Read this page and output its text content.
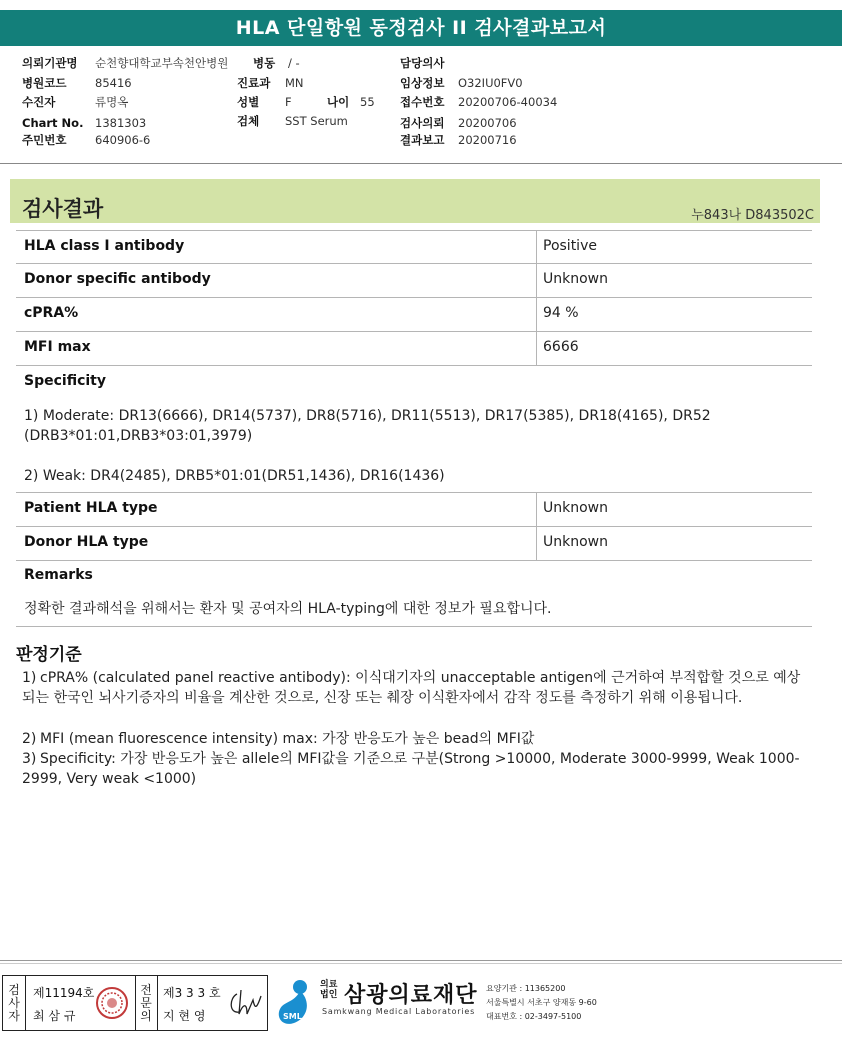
HLA 단일항원 동정검사 II 검사결과보고서
의뢰기관명 순천향대학교부속천안병원
병원코드 85416
수진자	류명옥
Chart No. 1381303
주민번호 640906-6
병동 / -
진료과 MN
성별 F
검체 SST Serum
나이 55
담당의사
임상정보 O32IU0FV0
접수번호 20200706-40034
검사의뢰 20200706
결과보고 20200716
검사결과	누843나 D843502C
HLA class I antibody	Positive
Donor specific antibody	Unknown
cPRA%	94 %
MFI max	6666
Specificity
1) Moderate: DR13(6666), DR14(5737), DR8(5716), DR11(5513), DR17(5385), DR18(4165), DR52 (DRB3*01:01,DRB3*03:01,3979)
2) Weak: DR4(2485), DRB5*01:01(DR51,1436), DR16(1436)
Patient HLA type	Unknown
Donor HLA type	Unknown
Remarks
정확한 결과해석을 위해서는 환자 및 공여자의 HLA-typing에 대한 정보가 필요합니다.
판정기준
1) cPRA% (calculated panel reactive antibody): 이식대기자의 unacceptable antigen에 근거하여 부적합할 것으로 예상되는 한국인 뇌사기증자의 비율을 계산한 것으로, 신장 또는 췌장 이식환자에서 감작 정도를 측정하기 위해 이용됩니다.
2) MFI (mean fluorescence intensity) max: 가장 반응도가 높은 bead의 MFI값
3) Specificity: 가장 반응도가 높은 allele의 MFI값을 기준으로 구분(Strong >10000, Moderate 3000-9999, Weak 1000-2999, Very weak <1000)
검
사
자
제11194호
최 삼 규
전
문
의
제3 3 3 호
지 현 영	SML
의료
법인 삼광의료재단
Samkwang Medical Laboratories
요양기관 : 11365200
서울특별시 서초구 양재동 9-60
대표번호 : 02-3497-5100
